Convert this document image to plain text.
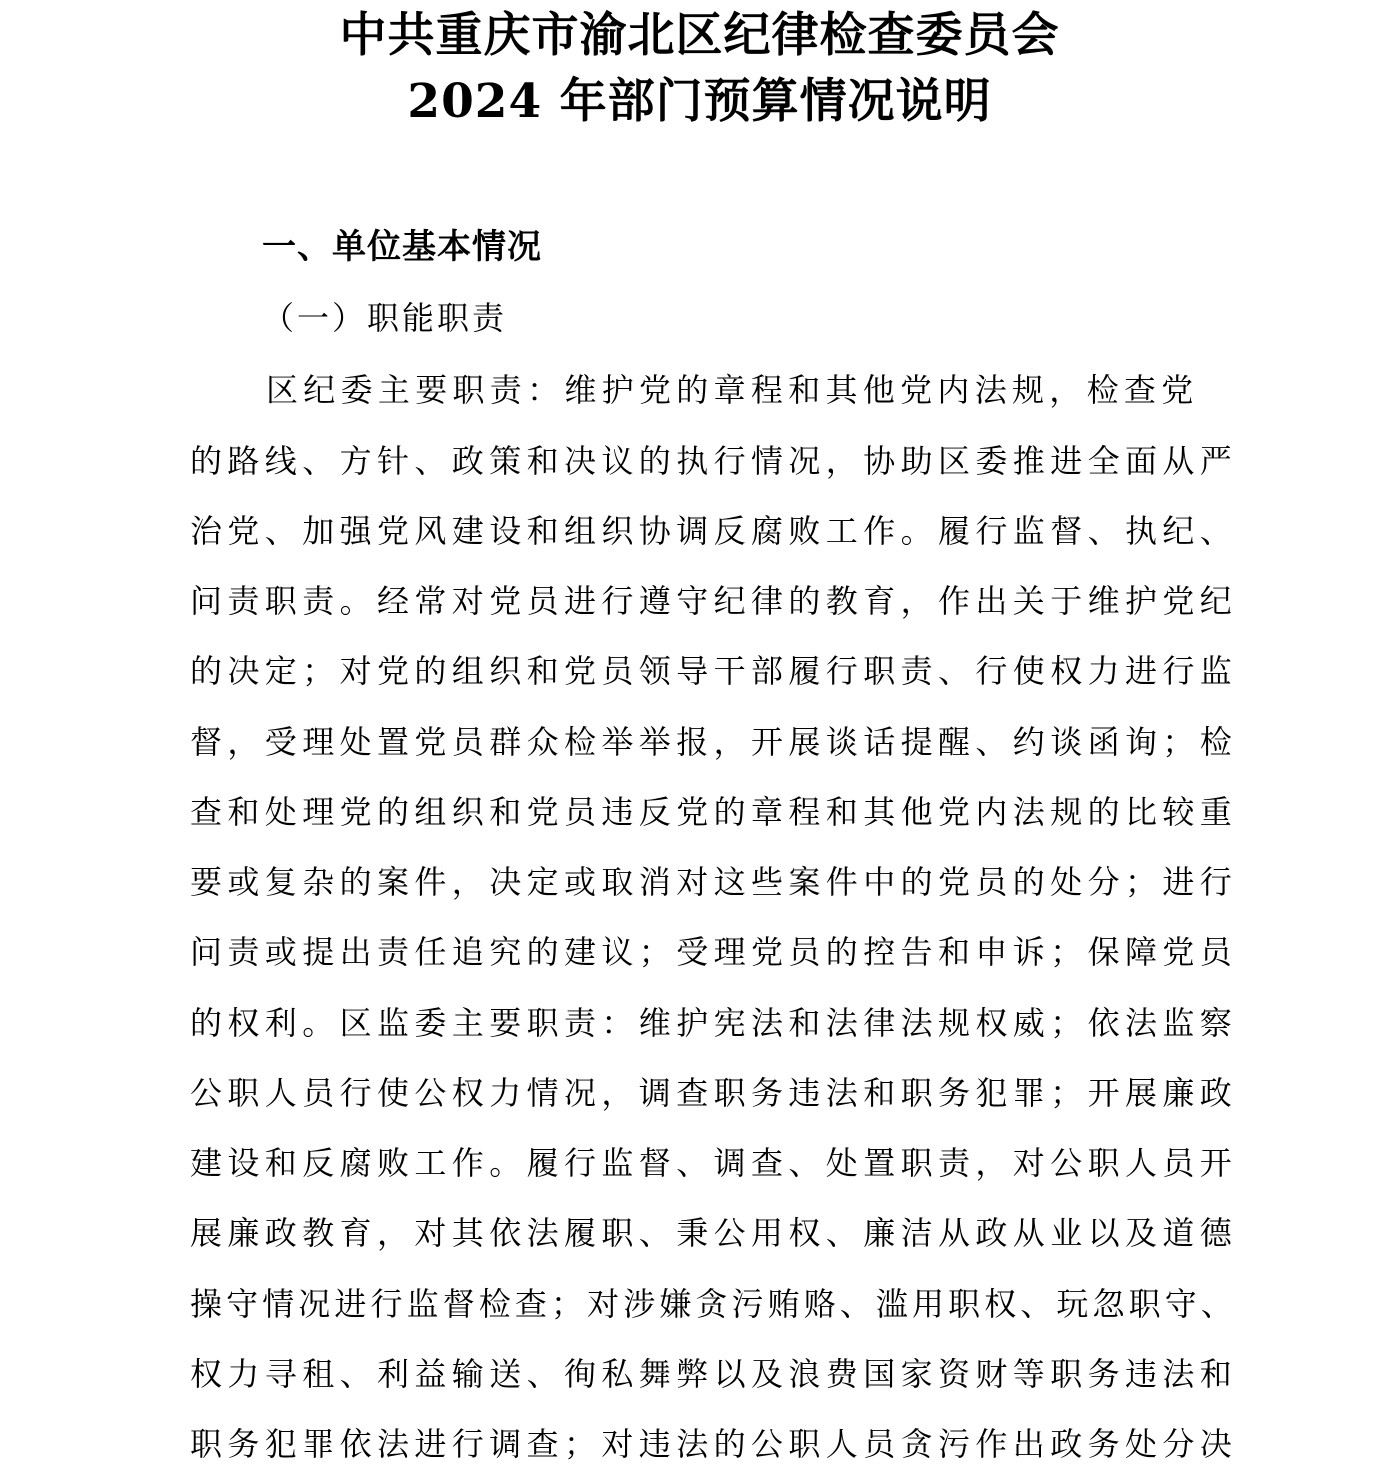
中共重庆市渝北区纪律检查委员会
2024 年部门预算情况说明
一、单位基本情况
（一）职能职责
区纪委主要职责：维护党的章程和其他党内法规，检查党
的路线、方针、政策和决议的执行情况，协助区委推进全面从严
治党、加强党风建设和组织协调反腐败工作。履行监督、执纪、
问责职责。经常对党员进行遵守纪律的教育，作出关于维护党纪
的决定；对党的组织和党员领导干部履行职责、行使权力进行监
督，受理处置党员群众检举举报，开展谈话提醒、约谈函询；检
查和处理党的组织和党员违反党的章程和其他党内法规的比较重
要或复杂的案件，决定或取消对这些案件中的党员的处分；进行
问责或提出责任追究的建议；受理党员的控告和申诉；保障党员
的权利。区监委主要职责：维护宪法和法律法规权威；依法监察
公职人员行使公权力情况，调查职务违法和职务犯罪；开展廉政
建设和反腐败工作。履行监督、调查、处置职责，对公职人员开
展廉政教育，对其依法履职、秉公用权、廉洁从政从业以及道德
操守情况进行监督检查；对涉嫌贪污贿赂、滥用职权、玩忽职守、
权力寻租、利益输送、徇私舞弊以及浪费国家资财等职务违法和
职务犯罪依法进行调查；对违法的公职人员贪污作出政务处分决
